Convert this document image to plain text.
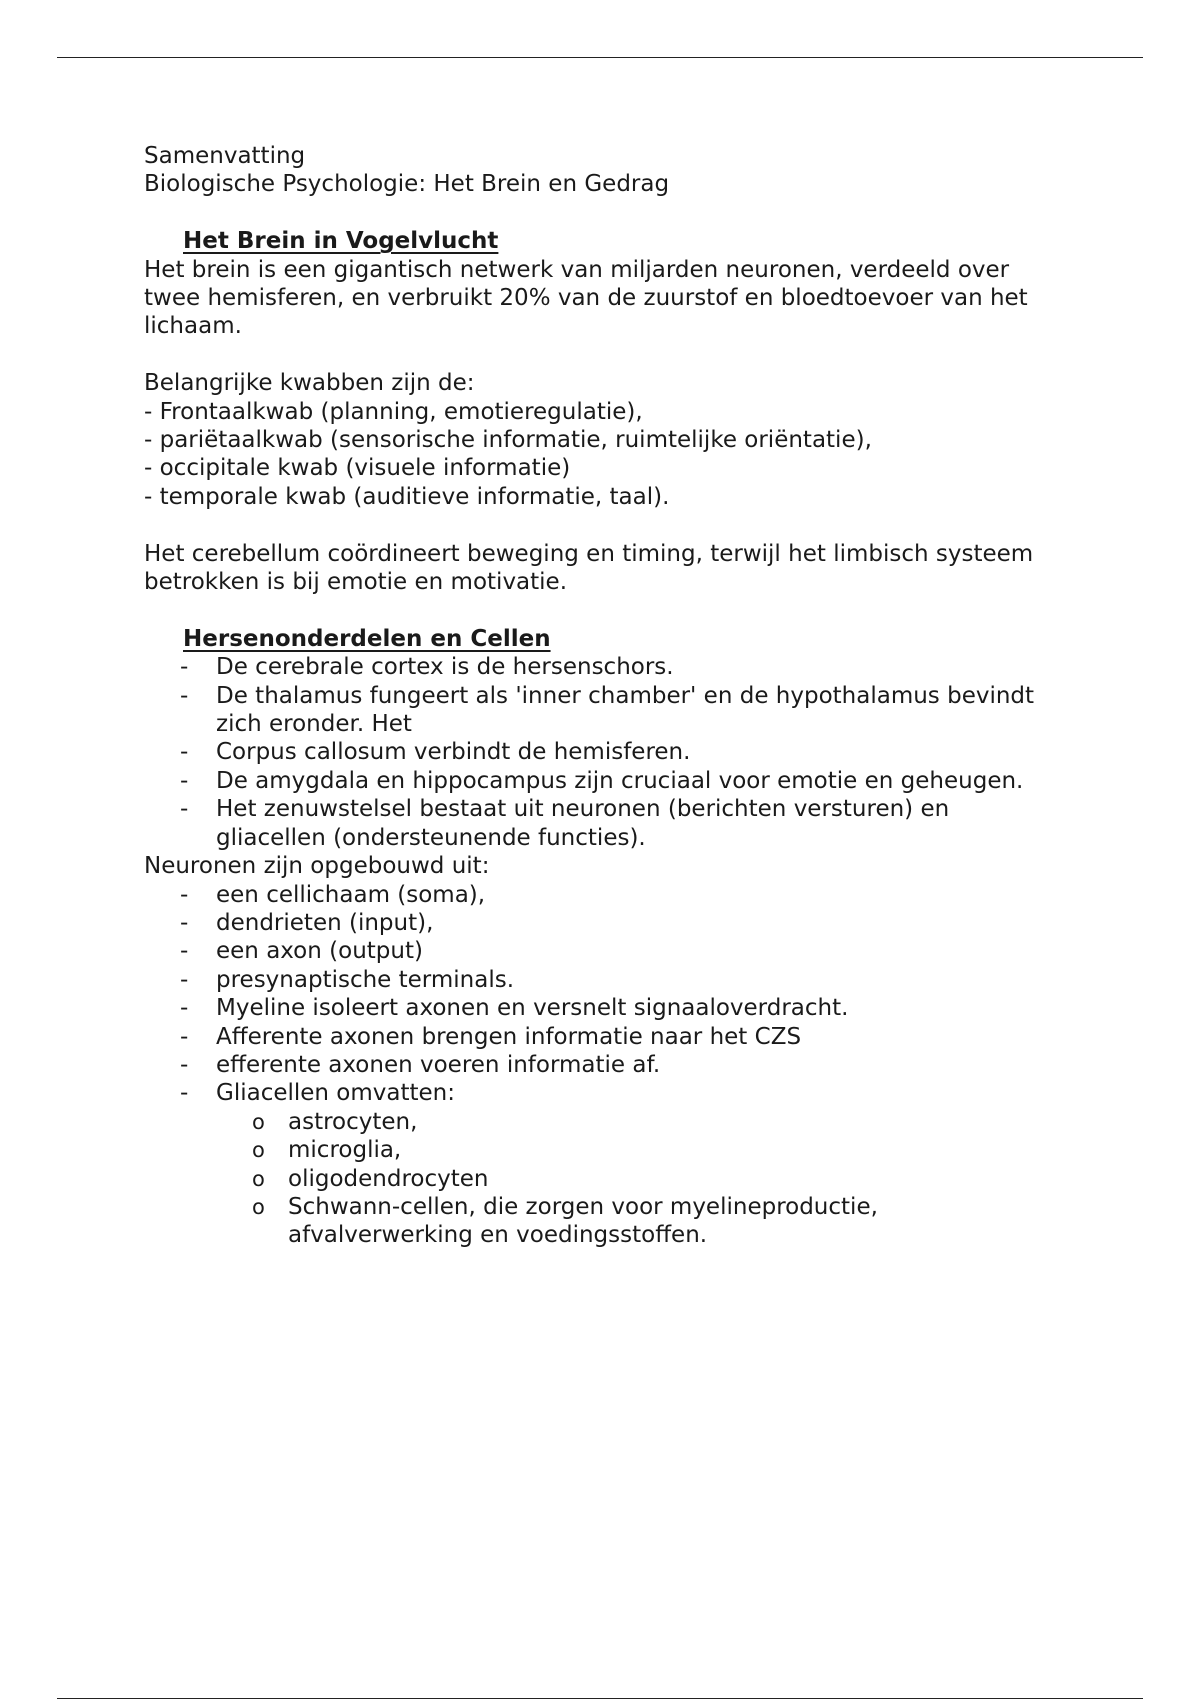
Samenvatting
Biologische Psychologie: Het Brein en Gedrag
Het Brein in Vogelvlucht
Het brein is een gigantisch netwerk van miljarden neuronen, verdeeld over twee hemisferen, en verbruikt 20% van de zuurstof en bloedtoevoer van het lichaam.
Belangrijke kwabben zijn de:
- Frontaalkwab (planning, emotieregulatie),
- pariëtaalkwab (sensorische informatie, ruimtelijke oriëntatie),
- occipitale kwab (visuele informatie)
- temporale kwab (auditieve informatie, taal).
Het cerebellum coördineert beweging en timing, terwijl het limbisch systeem betrokken is bij emotie en motivatie.
Hersenonderdelen en Cellen
- De cerebrale cortex is de hersenschors.
- De thalamus fungeert als 'inner chamber' en de hypothalamus bevindt zich eronder. Het
- Corpus callosum verbindt de hemisferen.
- De amygdala en hippocampus zijn cruciaal voor emotie en geheugen.
- Het zenuwstelsel bestaat uit neuronen (berichten versturen) en gliacellen (ondersteunende functies).
Neuronen zijn opgebouwd uit:
- een cellichaam (soma),
- dendrieten (input),
- een axon (output)
- presynaptische terminals.
- Myeline isoleert axonen en versnelt signaaloverdracht.
- Afferente axonen brengen informatie naar het CZS
- efferente axonen voeren informatie af.
- Gliacellen omvatten:
o astrocyten,
o microglia,
o oligodendrocyten
o Schwann-cellen, die zorgen voor myelineproductie, afvalverwerking en voedingsstoffen.
